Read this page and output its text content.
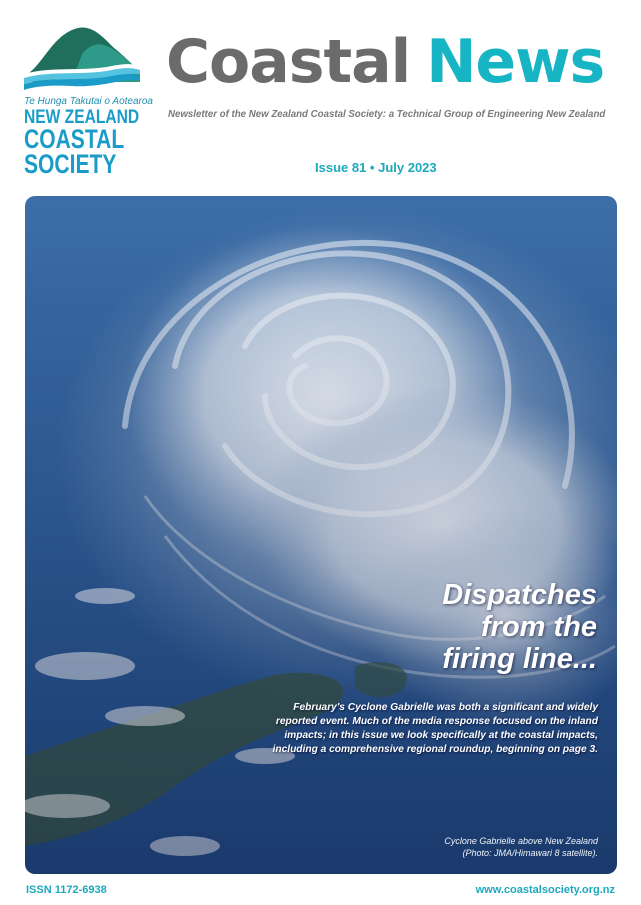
Te Hunga Takutai o Aotearoa
NEW ZEALAND
COASTAL
SOCIETY
Coastal News
Newsletter of the New Zealand Coastal Society: a Technical Group of Engineering New Zealand
Issue 81 • July 2023
Dispatches
from the
firing line...
February's Cyclone Gabrielle was both a significant and widely reported event. Much of the media response focused on the inland impacts; in this issue we look specifically at the coastal impacts, including a comprehensive regional roundup, beginning on page 3.
Cyclone Gabrielle above New Zealand
(Photo: JMA/Himawari 8 satellite).
ISSN 1172-6938	www.coastalsociety.org.nz
